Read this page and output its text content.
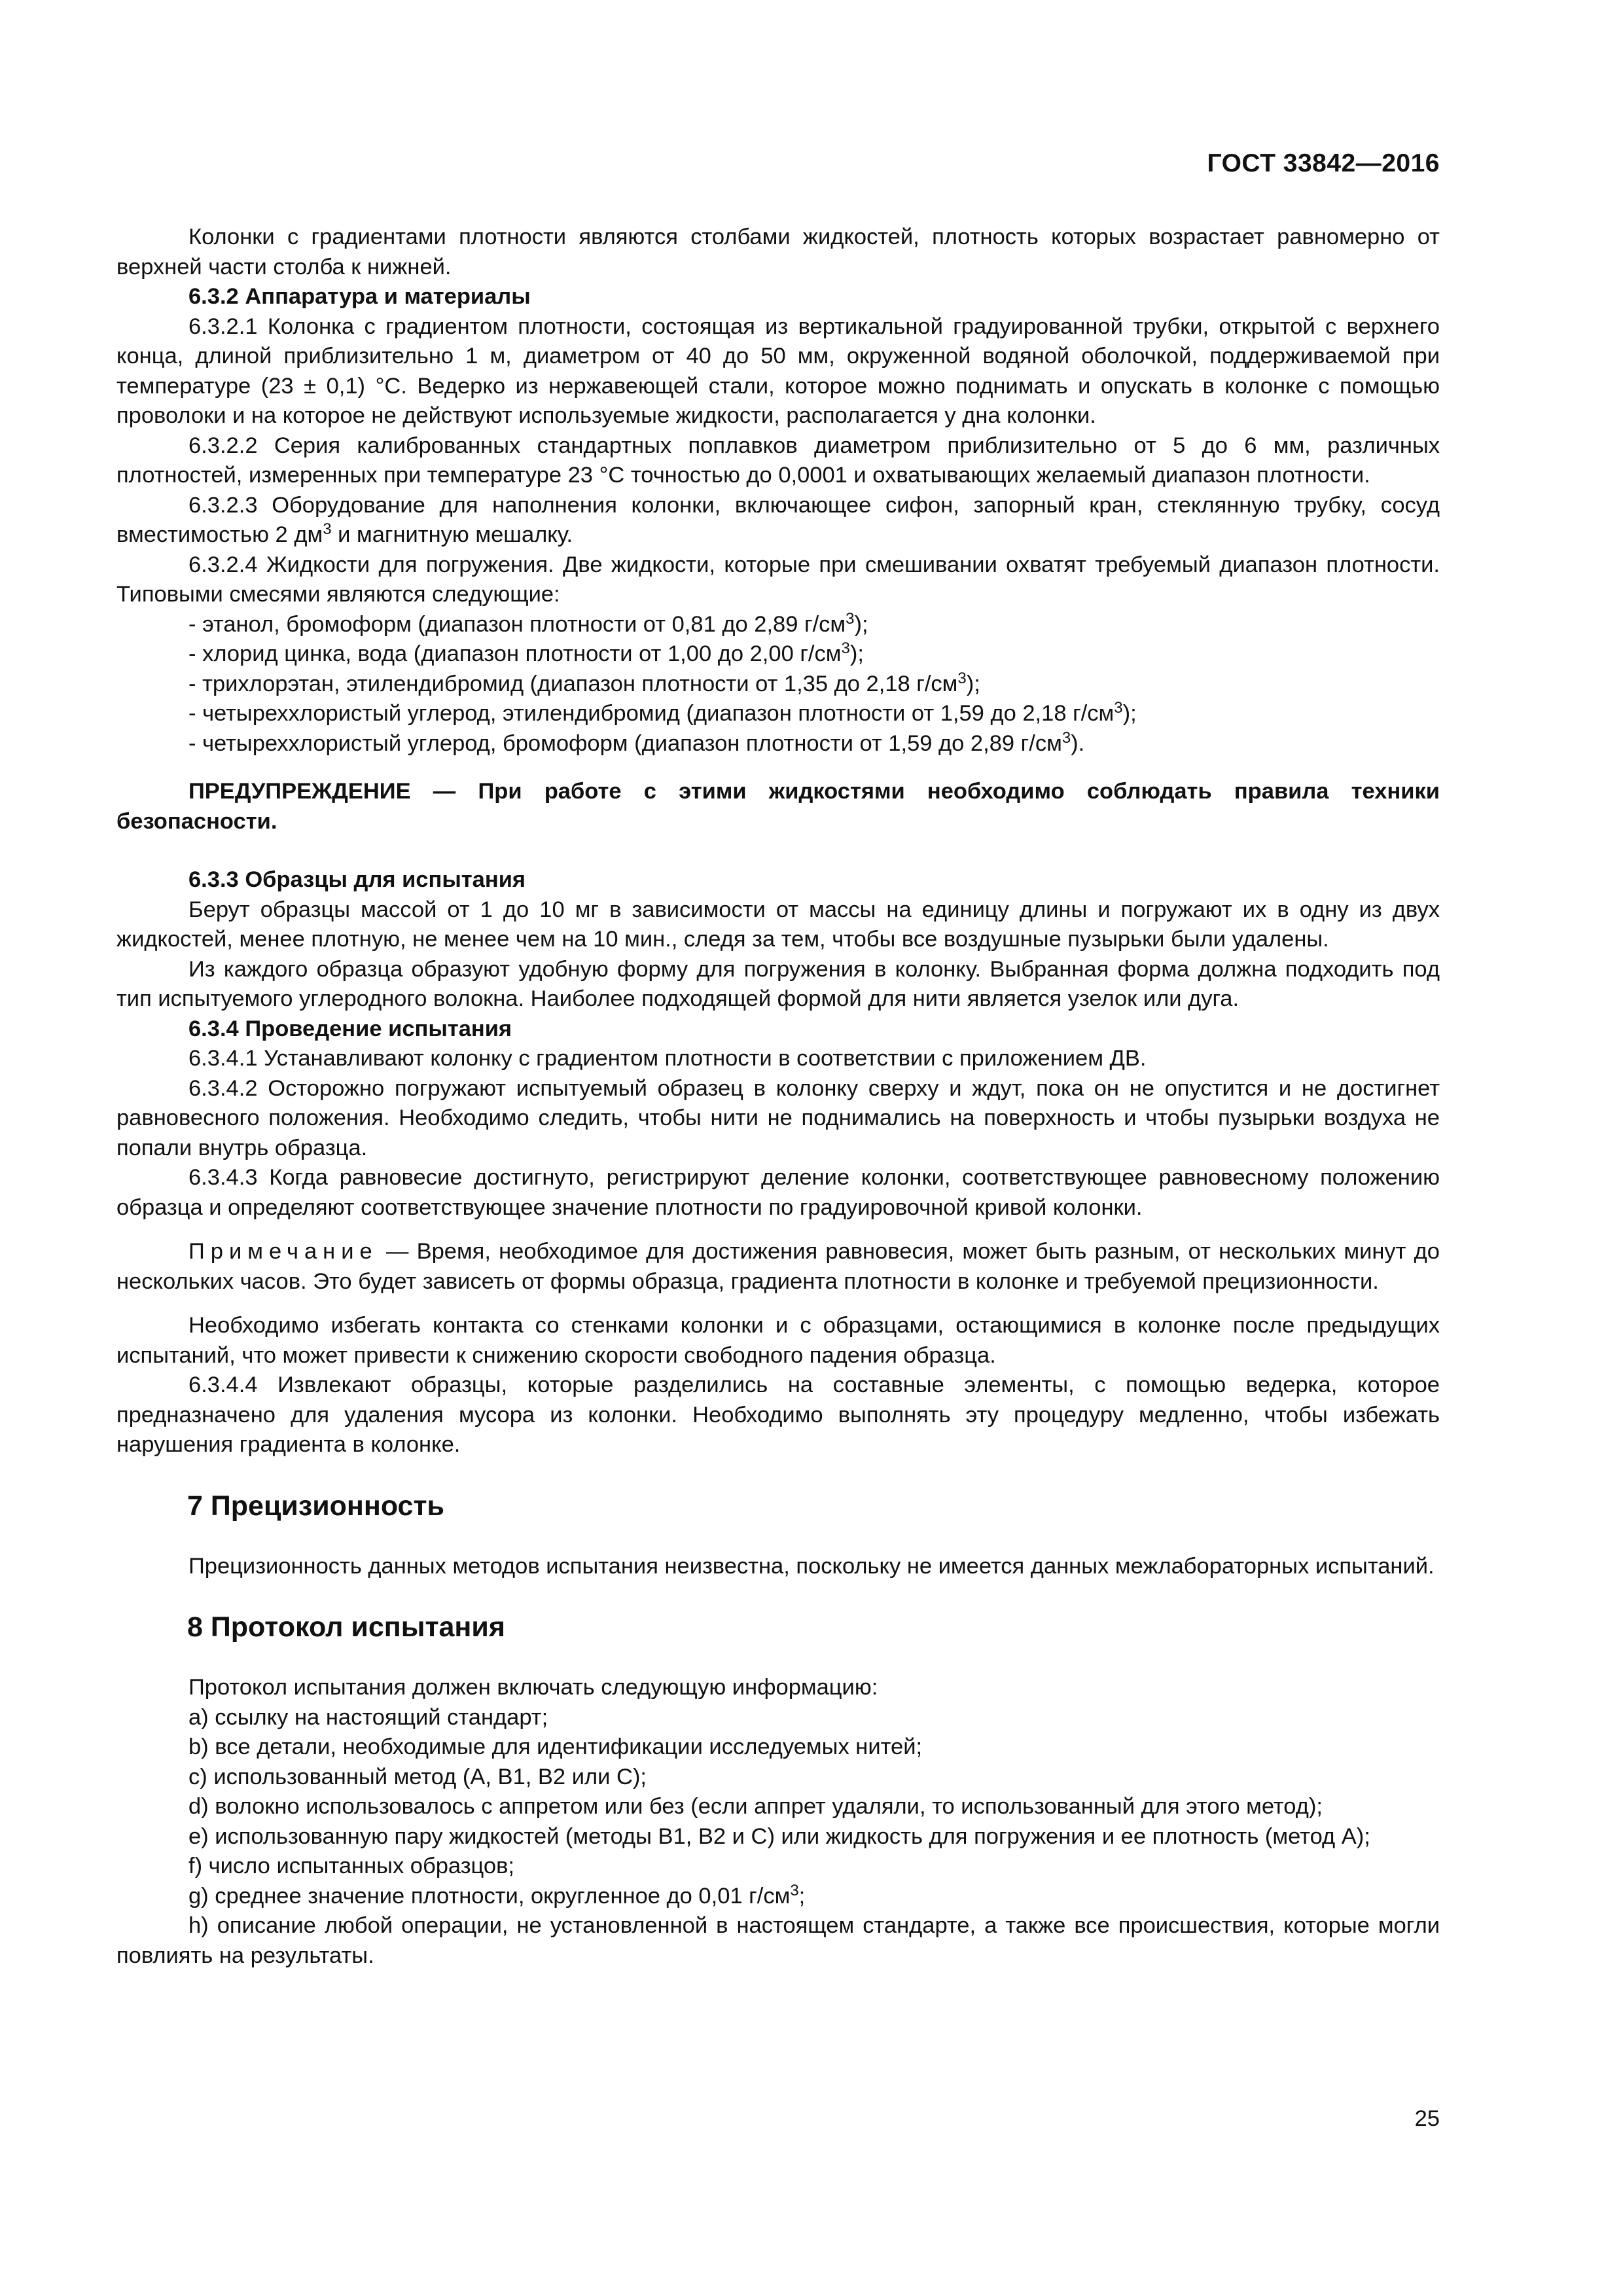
ГОСТ 33842—2016

Колонки с градиентами плотности являются столбами жидкостей, плотность которых возрастает равномерно от верхней части столба к нижней.

6.3.2 Аппаратура и материалы

6.3.2.1 Колонка с градиентом плотности, состоящая из вертикальной градуированной трубки, открытой с верхнего конца, длиной приблизительно 1 м, диаметром от 40 до 50 мм, окруженной водяной оболочкой, поддерживаемой при температуре (23 ± 0,1) °С. Ведерко из нержавеющей стали, которое можно поднимать и опускать в колонке с помощью проволоки и на которое не действуют используемые жидкости, располагается у дна колонки.

6.3.2.2 Серия калиброванных стандартных поплавков диаметром приблизительно от 5 до 6 мм, различных плотностей, измеренных при температуре 23 °С точностью до 0,0001 и охватывающих желаемый диапазон плотности.

6.3.2.3 Оборудование для наполнения колонки, включающее сифон, запорный кран, стеклянную трубку, сосуд вместимостью 2 $дм^3$ и магнитную мешалку.

6.3.2.4 Жидкости для погружения. Две жидкости, которые при смешивании охватят требуемый диапазон плотности. Типовыми смесями являются следующие:

- этанол, бромоформ (диапазон плотности от 0,81 до 2,89 $г/см^3$);

- хлорид цинка, вода (диапазон плотности от 1,00 до 2,00 $г/см^3$);

- трихлорэтан, этилендибромид (диапазон плотности от 1,35 до 2,18 $г/см^3$);

- четыреххлористый углерод, этилендибромид (диапазон плотности от 1,59 до 2,18 $г/см^3$);

- четыреххлористый углерод, бромоформ (диапазон плотности от 1,59 до 2,89 $г/см^3$).

ПРЕДУПРЕЖДЕНИЕ — При работе с этими жидкостями необходимо соблюдать правила техники безопасности.

6.3.3 Образцы для испытания

Берут образцы массой от 1 до 10 мг в зависимости от массы на единицу длины и погружают их в одну из двух жидкостей, менее плотную, не менее чем на 10 мин., следя за тем, чтобы все воздушные пузырьки были удалены.

Из каждого образца образуют удобную форму для погружения в колонку. Выбранная форма должна подходить под тип испытуемого углеродного волокна. Наиболее подходящей формой для нити является узелок или дуга.

6.3.4 Проведение испытания

6.3.4.1 Устанавливают колонку с градиентом плотности в соответствии с приложением ДВ.

6.3.4.2 Осторожно погружают испытуемый образец в колонку сверху и ждут, пока он не опустится и не достигнет равновесного положения. Необходимо следить, чтобы нити не поднимались на поверхность и чтобы пузырьки воздуха не попали внутрь образца.

6.3.4.3 Когда равновесие достигнуто, регистрируют деление колонки, соответствующее равновесному положению образца и определяют соответствующее значение плотности по градуировочной кривой колонки.

Примечание — Время, необходимое для достижения равновесия, может быть разным, от нескольких минут до нескольких часов. Это будет зависеть от формы образца, градиента плотности в колонке и требуемой прецизионности.

Необходимо избегать контакта со стенками колонки и с образцами, остающимися в колонке после предыдущих испытаний, что может привести к снижению скорости свободного падения образца.

6.3.4.4 Извлекают образцы, которые разделились на составные элементы, с помощью ведерка, которое предназначено для удаления мусора из колонки. Необходимо выполнять эту процедуру медленно, чтобы избежать нарушения градиента в колонке.

7 Прецизионность

Прецизионность данных методов испытания неизвестна, поскольку не имеется данных межлабораторных испытаний.

8 Протокол испытания

Протокол испытания должен включать следующую информацию:

a) ссылку на настоящий стандарт;

b) все детали, необходимые для идентификации исследуемых нитей;

c) использованный метод (А, В1, В2 или С);

d) волокно использовалось с аппретом или без (если аппрет удаляли, то использованный для этого метод);

e) использованную пару жидкостей (методы В1, В2 и С) или жидкость для погружения и ее плотность (метод А);

f) число испытанных образцов;

g) среднее значение плотности, округленное до 0,01 $г/см^3$;

h) описание любой операции, не установленной в настоящем стандарте, а также все происшествия, которые могли повлиять на результаты.

25
